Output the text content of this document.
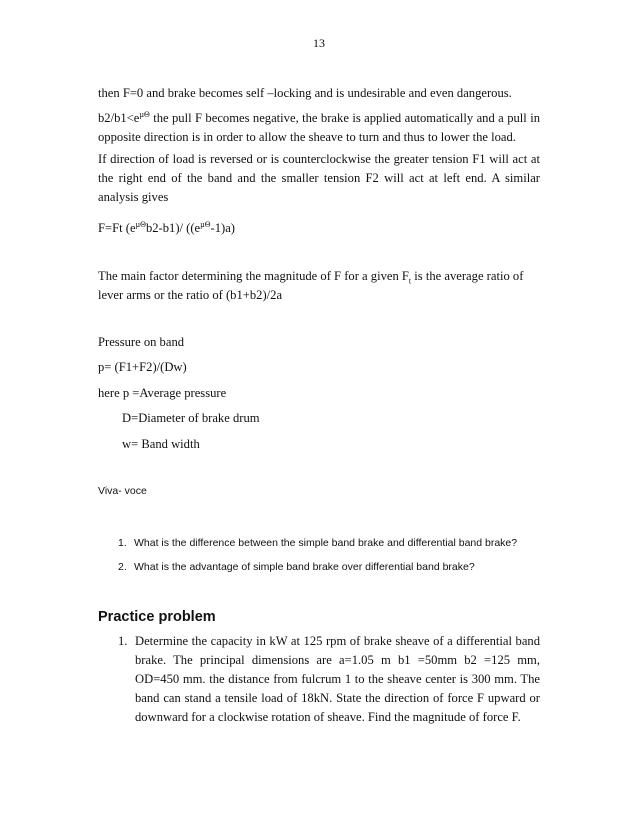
13
then F=0 and brake becomes self –locking and is undesirable and even dangerous.
$b2/b1<e^{\mu\Theta}$ the pull F becomes negative, the brake is applied automatically and a pull in opposite direction is in order to allow the sheave to turn and thus to lower the load.
If direction of load is reversed or is counterclockwise the greater tension F1 will act at the right end of the band and the smaller tension F2 will act at left end. A similar analysis gives
F=Ft $(e^{\mu\Theta}b2-b1)/$ $((e^{\mu\Theta}-1)a)$
The main factor determining the magnitude of F for a given $F_t$ is the average ratio of lever arms or the ratio of (b1+b2)/2a
Pressure on band
p= (F1+F2)/(Dw)
here p =Average pressure
D=Diameter of brake drum
w= Band width
Viva- voce
1. What is the difference between the simple band brake and differential band brake?
2. What is the advantage of simple band brake over differential band brake?
Practice problem
1. Determine the capacity in kW at 125 rpm of brake sheave of a differential band brake. The principal dimensions are a=1.05 m b1 =50mm b2 =125 mm, OD=450 mm. the distance from fulcrum 1 to the sheave center is 300 mm. The band can stand a tensile load of 18kN. State the direction of force F upward or downward for a clockwise rotation of sheave. Find the magnitude of force F.
